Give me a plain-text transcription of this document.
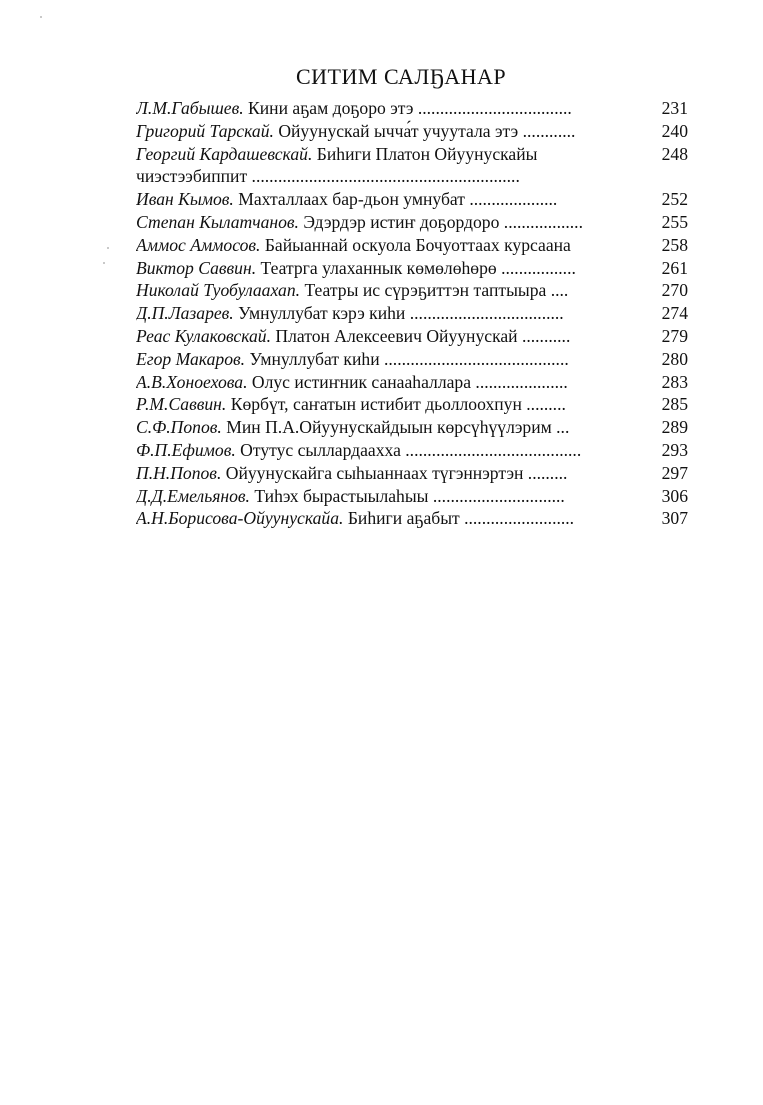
СИТИМ САЛҔАНАР
Л.М.Габышев. Кини аҕам доҕоро этэ ...................................	231
Григорий Тарскай. Ойуунускай ычча́т учуутала этэ ............	240
Георгий Кардашевскай. Биһиги Платон Ойуунускайы чиэстээбиппит .............................................................
248
Иван Кымов. Махталлаах бар-дьон умнубат ....................	252
Степан Кылатчанов. Эдэрдэр истиҥ доҕордоро ..................	255
Аммос Аммосов. Байыаннай оскуола Бочуоттаах курсаана	258
Виктор Саввин. Театрга улаханнык көмөлөһөрө .................	261
Николай Туобулаахап. Театры ис сүрэҕиттэн таптыыра ....	270
Д.П.Лазарев. Умнуллубат кэрэ киһи ...................................	274
Реас Кулаковскай. Платон Алексеевич Ойуунускай ...........	279
Егор Макаров. Умнуллубат киһи ..........................................	280
А.В.Хоноехова. Олус истиҥник санааһаллара .....................	283
Р.М.Саввин. Көрбүт, саҥатын истибит дьоллоохпун .........	285
С.Ф.Попов. Мин П.А.Ойуунускайдыын көрсүһүүлэрим ...	289
Ф.П.Ефимов. Отутус сыллардаахха ........................................	293
П.Н.Попов. Ойуунускайга сыһыаннаах түгэннэртэн .........	297
Д.Д.Емельянов. Тиһэх бырастыылаһыы ..............................	306
А.Н.Борисова-Ойуунускайа. Биһиги аҕабыт .........................	307
